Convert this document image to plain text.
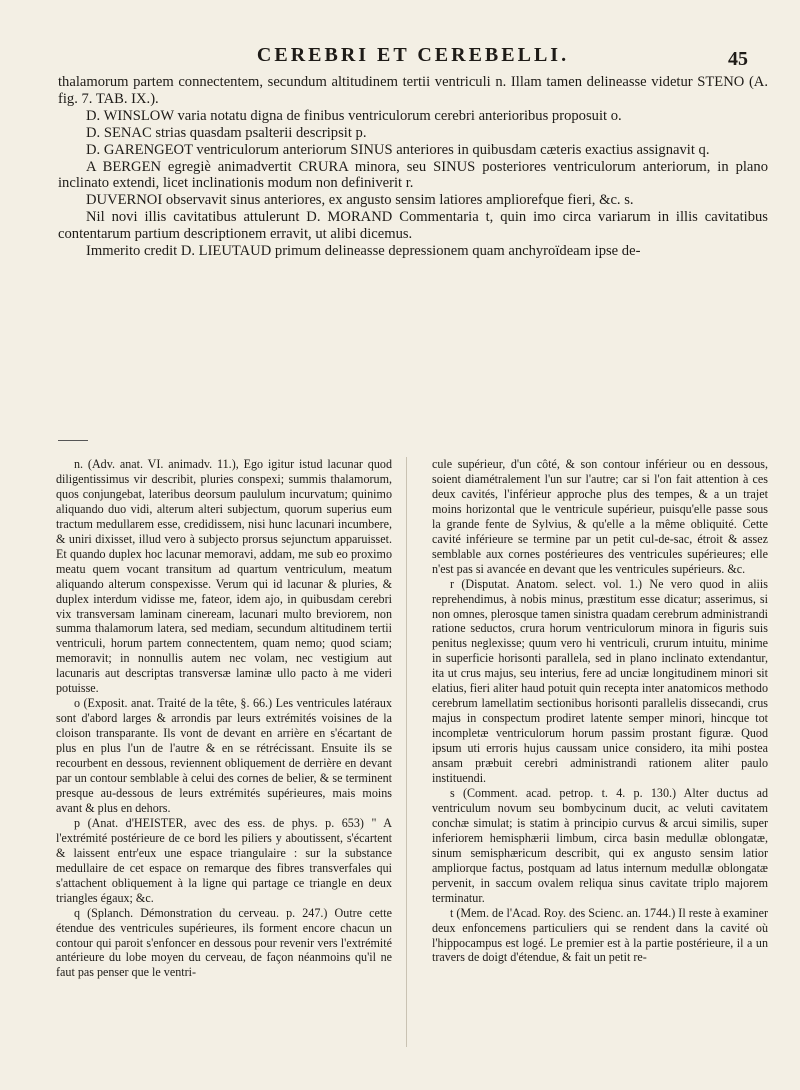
CEREBRI ET CEREBELLI.	45

thalamorum partem connectentem, secundum altitudinem tertii ventriculi n. Illam tamen delineasse videtur STENO (A. fig. 7. TAB. IX.).

D. WINSLOW varia notatu digna de finibus ventriculorum cerebri anterioribus proposuit o.

D. SENAC strias quasdam psalterii descripsit p.

D. GARENGEOT ventriculorum anteriorum SINUS anteriores in quibusdam cæteris exactius assignavit q.

A BERGEN egregiè animadvertit CRURA minora, seu SINUS posteriores ventriculorum anteriorum, in plano inclinato extendi, licet inclinationis modum non definiverit r.

DUVERNOI observavit sinus anteriores, ex angusto sensim latiores ampliorefque fieri, &c. s.

Nil novi illis cavitatibus attulerunt D. MORAND Commentaria t, quin imo circa variarum in illis cavitatibus contentarum partium descriptionem erravit, ut alibi dicemus.

Immerito credit D. LIEUTAUD primum delineasse depressionem quam anchyroïdeam ipse de-

n. (Adv. anat. VI. animadv. 11.), Ego igitur istud lacunar quod diligentissimus vir describit, pluries conspexi; summis thalamorum, quos conjungebat, lateribus deorsum paululum incurvatum; quinimo aliquando duo vidi, alterum alteri subjectum, quorum superius eum tractum medullarem esse, credidissem, nisi hunc lacunari incumbere, & uniri dixisset, illud vero à subjecto prorsus sejunctum apparuisset. Et quando duplex hoc lacunar memoravi, addam, me sub eo proximo meatu quem vocant transitum ad quartum ventriculum, meatum aliquando alterum conspexisse. Verum qui id lacunar & pluries, & duplex interdum vidisse me, fateor, idem ajo, in quibusdam cerebri vix transversam laminam cineream, lacunari multo breviorem, non summa thalamorum latera, sed mediam, secundum altitudinem tertii ventriculi, horum partem connectentem, quam nemo; quod sciam; memoravit; in nonnullis autem nec volam, nec vestigium aut lacunaris aut descriptas transversæ laminæ ullo pacto à me videri potuisse.

o (Exposit. anat. Traité de la tête, §. 66.) Les ventricules latéraux sont d'abord larges & arrondis par leurs extrémités voisines de la cloison transparante. Ils vont de devant en arrière en s'écartant de plus en plus l'un de l'autre & en se rétrécissant. Ensuite ils se recourbent en dessous, reviennent obliquement de derrière en devant par un contour semblable à celui des cornes de belier, & se terminent presque au-dessous de leurs extrémités supérieures, mais moins avant & plus en dehors.

p (Anat. d'HEISTER, avec des ess. de phys. p. 653) " A l'extrémité postérieure de ce bord les piliers y aboutissent, s'écartent & laissent entr'eux une espace triangulaire : sur la substance medullaire de cet espace on remarque des fibres transverfales qui s'attachent obliquement à la ligne qui partage ce triangle en deux triangles égaux; &c.

q (Splanch. Démonstration du cerveau. p. 247.) Outre cette étendue des ventricules supérieures, ils forment encore chacun un contour qui paroit s'enfoncer en dessous pour revenir vers l'extrémité antérieure du lobe moyen du cerveau, de façon néanmoins qu'il ne faut pas penser que le ventri-

cule supérieur, d'un côté, & son contour inférieur ou en dessous, soient diamétralement l'un sur l'autre; car si l'on fait attention à ces deux cavités, l'inférieur approche plus des tempes, & a un trajet moins horizontal que le ventricule supérieur, puisqu'elle passe sous la grande fente de Sylvius, & qu'elle a la même obliquité. Cette cavité inférieure se termine par un petit cul-de-sac, étroit & assez semblable aux cornes postérieures des ventricules supérieures; elle n'est pas si avancée en devant que les ventricules supérieurs. &c.

r (Disputat. Anatom. select. vol. 1.) Ne vero quod in aliis reprehendimus, à nobis minus, præstitum esse dicatur; asserimus, si non omnes, plerosque tamen sinistra quadam cerebrum administrandi ratione seductos, crura horum ventriculorum minora in figuris suis penitus neglexisse; quum vero hi ventriculi, crurum intuitu, minime in superficie horisonti parallela, sed in plano inclinato extendantur, ita ut crus majus, seu interius, fere ad unciæ longitudinem minori sit elatius, fieri aliter haud potuit quin recepta inter anatomicos methodo cerebrum lamellatim sectionibus horisonti parallelis dissecandi, crus majus in conspectum prodiret latente semper minori, hincque tot incompletæ ventriculorum horum passim prostant figuræ. Quod ipsum uti erroris hujus caussam unice considero, ita mihi postea ansam præbuit cerebri administrandi rationem aliter paulo instituendi.

s (Comment. acad. petrop. t. 4. p. 130.) Alter ductus ad ventriculum novum seu bombycinum ducit, ac veluti cavitatem conchæ simulat; is statim à principio curvus & arcui similis, super inferiorem hemisphærii limbum, circa basin medullæ oblongatæ, sinum semisphæricum describit, qui ex angusto sensim latior ampliorque factus, postquam ad latus internum medullæ oblongatæ pervenit, in saccum ovalem reliqua sinus cavitate triplo majorem terminatur.

t (Mem. de l'Acad. Roy. des Scienc. an. 1744.) Il reste à examiner deux enfoncemens particuliers qui se rendent dans la cavité où l'hippocampus est logé. Le premier est à la partie postérieure, il a un travers de doigt d'étendue, & fait un petit re-
